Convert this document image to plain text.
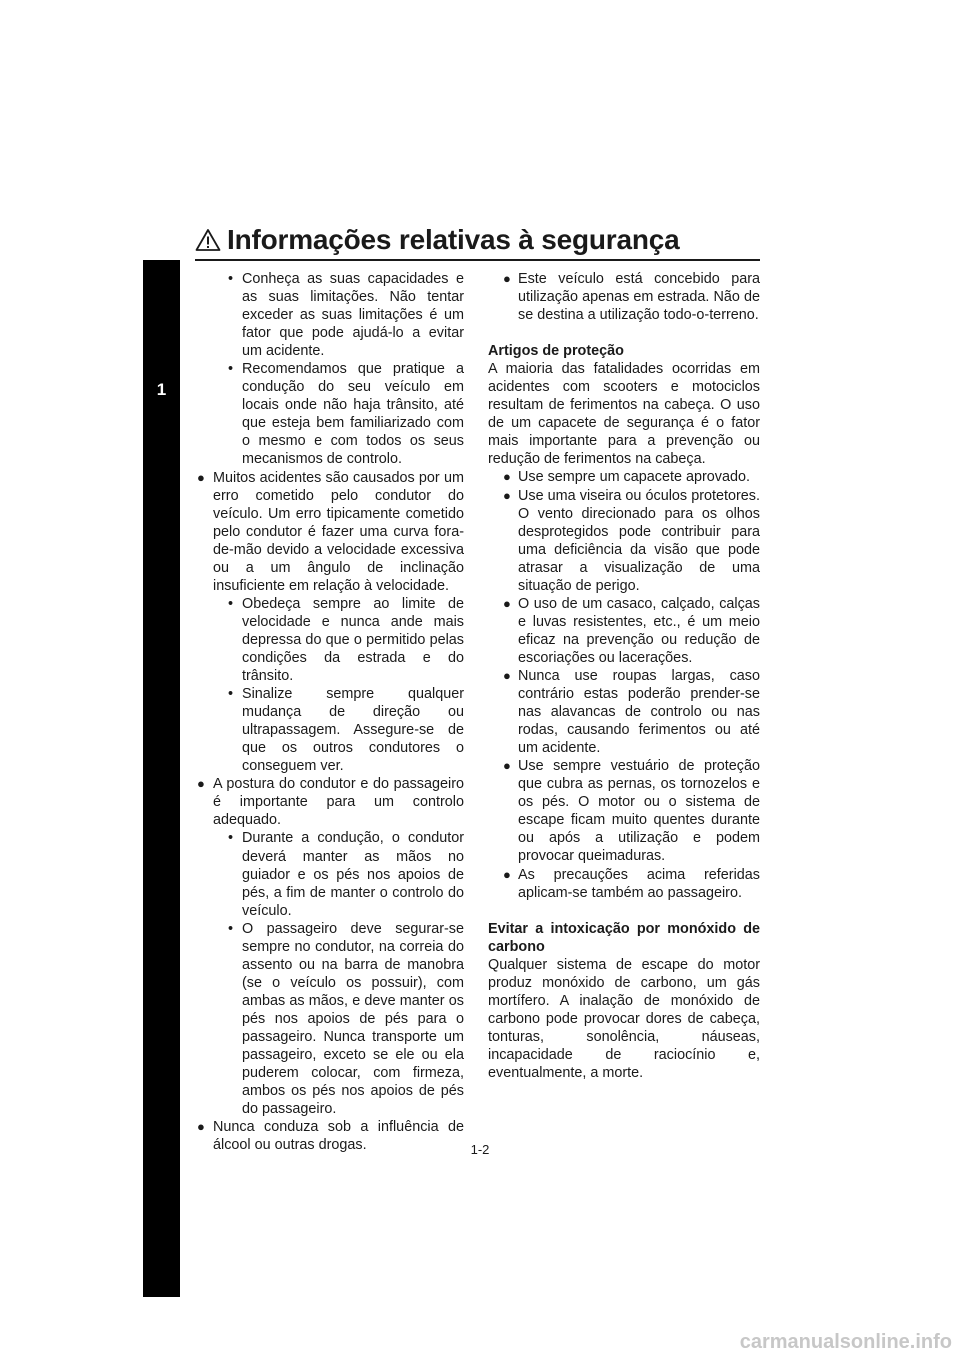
Informações relativas à segurança
1
• Conheça as suas capacidades e as suas limitações. Não tentar exceder as suas limitações é um fator que pode ajudá-lo a evitar um acidente.
• Recomendamos que pratique a condução do seu veículo em locais onde não haja trânsito, até que esteja bem familiarizado com o mesmo e com todos os seus mecanismos de controlo.
● Muitos acidentes são causados por um erro cometido pelo condutor do veículo. Um erro tipicamente cometido pelo condutor é fazer uma curva fora-de-mão devido a velocidade excessiva ou a um ângulo de inclinação insuficiente em relação à velocidade.
• Obedeça sempre ao limite de velocidade e nunca ande mais depressa do que o permitido pelas condições da estrada e do trânsito.
• Sinalize sempre qualquer mudança de direção ou ultrapassagem. Assegure-se de que os outros condutores o conseguem ver.
● A postura do condutor e do passageiro é importante para um controlo adequado.
• Durante a condução, o condutor deverá manter as mãos no guiador e os pés nos apoios de pés, a fim de manter o controlo do veículo.
• O passageiro deve segurar-se sempre no condutor, na correia do assento ou na barra de manobra (se o veículo os possuir), com ambas as mãos, e deve manter os pés nos apoios de pés para o passageiro. Nunca transporte um passageiro, exceto se ele ou ela puderem colocar, com firmeza, ambos os pés nos apoios de pés do passageiro.
● Nunca conduza sob a influência de álcool ou outras drogas.
● Este veículo está concebido para utilização apenas em estrada. Não de se destina a utilização todo-o-terreno.
Artigos de proteção
A maioria das fatalidades ocorridas em acidentes com scooters e motociclos resultam de ferimentos na cabeça. O uso de um capacete de segurança é o fator mais importante para a prevenção ou redução de ferimentos na cabeça.
● Use sempre um capacete aprovado.
● Use uma viseira ou óculos protetores. O vento direcionado para os olhos desprotegidos pode contribuir para uma deficiência da visão que pode atrasar a visualização de uma situação de perigo.
● O uso de um casaco, calçado, calças e luvas resistentes, etc., é um meio eficaz na prevenção ou redução de escoriações ou lacerações.
● Nunca use roupas largas, caso contrário estas poderão prender-se nas alavancas de controlo ou nas rodas, causando ferimentos ou até um acidente.
● Use sempre vestuário de proteção que cubra as pernas, os tornozelos e os pés. O motor ou o sistema de escape ficam muito quentes durante ou após a utilização e podem provocar queimaduras.
● As precauções acima referidas aplicam-se também ao passageiro.
Evitar a intoxicação por monóxido de carbono
Qualquer sistema de escape do motor produz monóxido de carbono, um gás mortífero. A inalação de monóxido de carbono pode provocar dores de cabeça, tonturas, sonolência, náuseas, incapacidade de raciocínio e, eventualmente, a morte.
1-2
carmanualsonline.info
